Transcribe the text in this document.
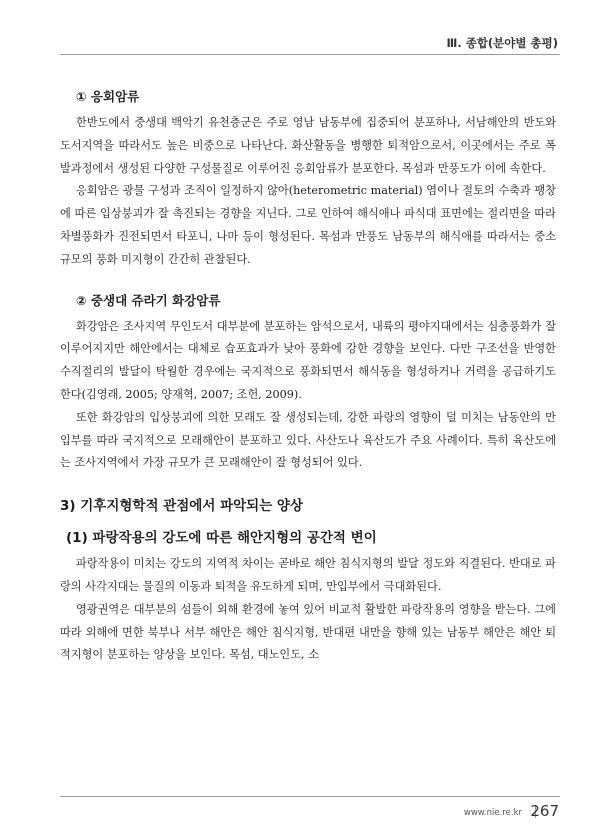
Ⅲ. 종합(분야별 총평)
① 응회암류

한반도에서 중생대 백악기 유천층군은 주로 영남 남동부에 집중되어 분포하나, 서남해안의 반도와 도서지역을 따라서도 높은 비중으로 나타난다. 화산활동을 병행한 퇴적암으로서, 이곳에서는 주로 폭발과정에서 생성된 다양한 구성물질로 이루어진 응회암류가 분포한다. 목섬과 만풍도가 이에 속한다.

응회암은 광물 구성과 조직이 일정하지 않아(heterometric material) 염이나 절토의 수축과 팽창에 따른 입상붕괴가 잘 촉진되는 경향을 지닌다. 그로 인하여 해식애나 파식대 표면에는 절리면을 따라 차별풍화가 진전되면서 타포니, 나마 등이 형성된다. 목섬과 만풍도 남동부의 해식애를 따라서는 중소규모의 풍화 미지형이 간간히 관찰된다.

② 중생대 쥬라기 화강암류

화강암은 조사지역 무인도서 대부분에 분포하는 암석으로서, 내륙의 평야지대에서는 심층풍화가 잘 이루어지지만 해안에서는 대체로 습포효과가 낮아 풍화에 강한 경향을 보인다. 다만 구조선을 반영한 수직절리의 발달이 탁월한 경우에는 국지적으로 풍화되면서 해식동을 형성하거나 거력을 공급하기도 한다(김영래, 2005; 양재혁, 2007; 조헌, 2009).

또한 화강암의 입상붕괴에 의한 모래도 잘 생성되는데, 강한 파랑의 영향이 덜 미치는 남동안의 만입부를 따라 국지적으로 모래해안이 분포하고 있다. 사산도나 육산도가 주요 사례이다. 특히 육산도에는 조사지역에서 가장 규모가 큰 모래해안이 잘 형성되어 있다.

3) 기후지형학적 관점에서 파악되는 양상
(1) 파랑작용의 강도에 따른 해안지형의 공간적 변이

파랑작용이 미치는 강도의 지역적 차이는 곧바로 해안 침식지형의 발달 정도와 직결된다. 반대로 파랑의 사각지대는 물질의 이동과 퇴적을 유도하게 되며, 만입부에서 극대화된다.

영광권역은 대부분의 섬들이 외해 환경에 놓여 있어 비교적 활발한 파랑작용의 영향을 받는다. 그에 따라 외해에 면한 북부나 서부 해안은 해안 침식지형, 반대편 내만을 향해 있는 남동부 해안은 해안 퇴적지형이 분포하는 양상을 보인다. 목섬, 대노인도, 소

www.nie.re.kr 267
